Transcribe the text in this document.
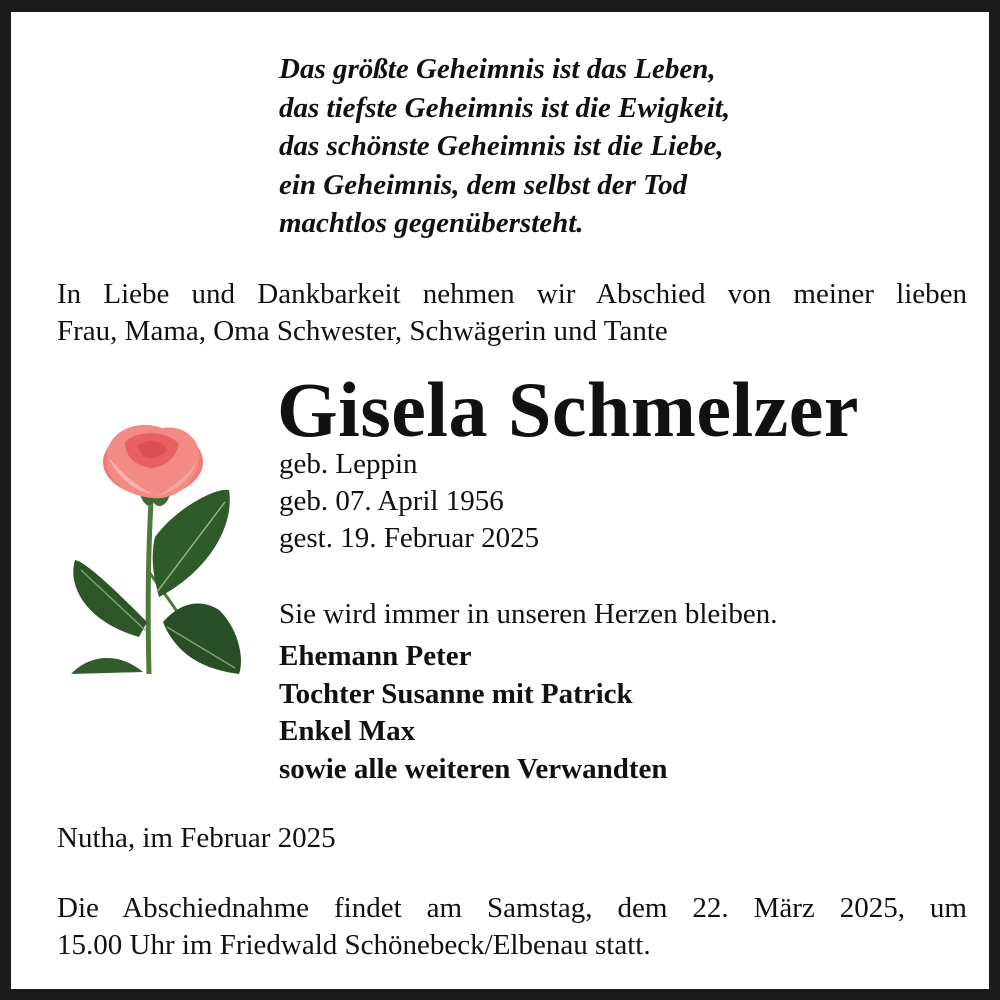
Das größte Geheimnis ist das Leben,
das tiefste Geheimnis ist die Ewigkeit,
das schönste Geheimnis ist die Liebe,
ein Geheimnis, dem selbst der Tod
machtlos gegenübersteht.
In Liebe und Dankbarkeit nehmen wir Abschied von meiner lieben
Frau, Mama, Oma Schwester, Schwägerin und Tante
Gisela Schmelzer
geb. Leppin
geb. 07. April 1956
gest. 19. Februar 2025
Sie wird immer in unseren Herzen bleiben.
Ehemann Peter
Tochter Susanne mit Patrick
Enkel Max
sowie alle weiteren Verwandten
Nutha, im Februar 2025
Die Abschiednahme findet am Samstag, dem 22. März 2025, um
15.00 Uhr im Friedwald Schönebeck/Elbenau statt.
